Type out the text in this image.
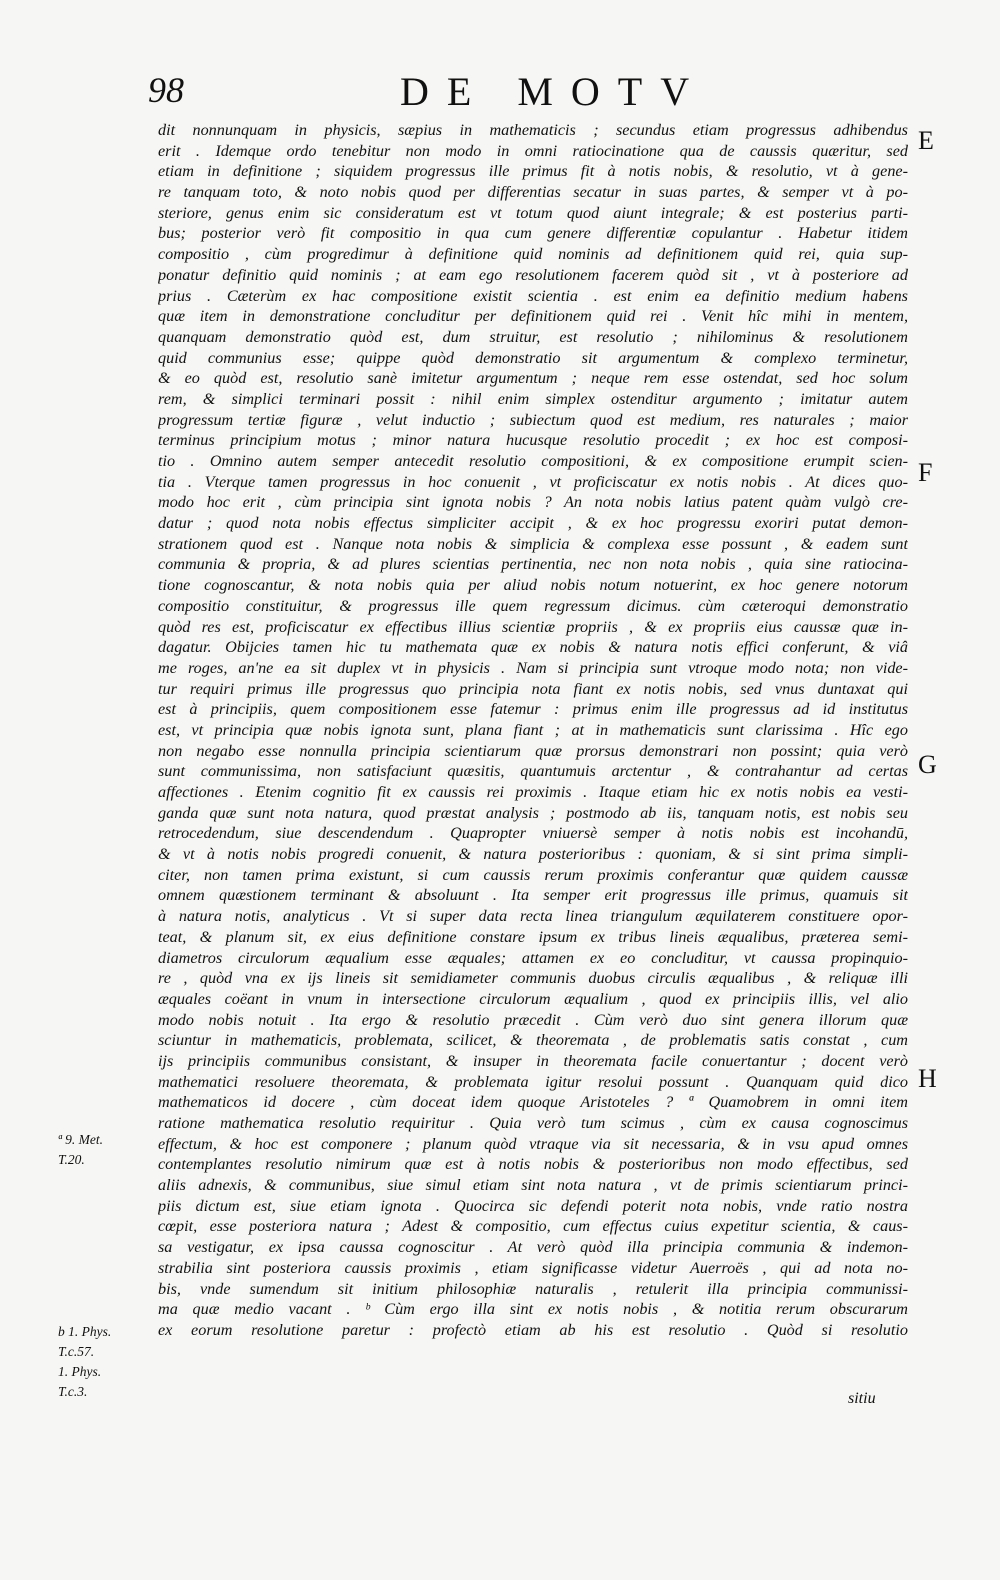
98	DE MOTV
E
F
G
H
ª 9. Met.
T.20.
b 1. Phys.
T.c.57.
1. Phys.
T.c.3.
dit nonnunquam in physicis, sæpius in mathematicis ; secundus etiam progressus adhibendus
erit . Idemque ordo tenebitur non modo in omni ratiocinatione qua de caussis quæritur, sed
etiam in definitione ; siquidem progressus ille primus fit à notis nobis, & resolutio, vt à gene-
re tanquam toto, & noto nobis quod per differentias secatur in suas partes, & semper vt à po-
steriore, genus enim sic consideratum est vt totum quod aiunt integrale; & est posterius parti-
bus; posterior verò fit compositio in qua cum genere differentiæ copulantur . Habetur itidem
compositio , cùm progredimur à definitione quid nominis ad definitionem quid rei, quia sup-
ponatur definitio quid nominis ; at eam ego resolutionem facerem quòd sit , vt à posteriore ad
prius . Cæterùm ex hac compositione existit scientia . est enim ea definitio medium habens
quæ item in demonstratione concluditur per definitionem quid rei . Venit hîc mihi in mentem,
quanquam demonstratio quòd est, dum struitur, est resolutio ; nihilominus & resolutionem
quid communius esse; quippe quòd demonstratio sit argumentum & complexo terminetur,
& eo quòd est, resolutio sanè imitetur argumentum ; neque rem esse ostendat, sed hoc solum
rem, & simplici terminari possit : nihil enim simplex ostenditur argumento ; imitatur autem
progressum tertiæ figuræ , velut inductio ; subiectum quod est medium, res naturales ; maior
terminus principium motus ; minor natura hucusque resolutio procedit ; ex hoc est composi-
tio . Omnino autem semper antecedit resolutio compositioni, & ex compositione erumpit scien-
tia . Vterque tamen progressus in hoc conuenit , vt proficiscatur ex notis nobis . At dices quo-
modo hoc erit , cùm principia sint ignota nobis ? An nota nobis latius patent quàm vulgò cre-
datur ; quod nota nobis effectus simpliciter accipit , & ex hoc progressu exoriri putat demon-
strationem quod est . Nanque nota nobis & simplicia & complexa esse possunt , & eadem sunt
communia & propria, & ad plures scientias pertinentia, nec non nota nobis , quia sine ratiocina-
tione cognoscantur, & nota nobis quia per aliud nobis notum notuerint, ex hoc genere notorum
compositio constituitur, & progressus ille quem regressum dicimus. cùm cæteroqui demonstratio
quòd res est, proficiscatur ex effectibus illius scientiæ propriis , & ex propriis eius caussæ quæ in-
dagatur. Obijcies tamen hic tu mathemata quæ ex nobis & natura notis effici conferunt, & viâ
me roges, an'ne ea sit duplex vt in physicis . Nam si principia sunt vtroque modo nota; non vide-
tur requiri primus ille progressus quo principia nota fiant ex notis nobis, sed vnus duntaxat qui
est à principiis, quem compositionem esse fatemur : primus enim ille progressus ad id institutus
est, vt principia quæ nobis ignota sunt, plana fiant ; at in mathematicis sunt clarissima . Hîc ego
non negabo esse nonnulla principia scientiarum quæ prorsus demonstrari non possint; quia verò
sunt communissima, non satisfaciunt quæsitis, quantumuis arctentur , & contrahantur ad certas
affectiones . Etenim cognitio fit ex caussis rei proximis . Itaque etiam hic ex notis nobis ea vesti-
ganda quæ sunt nota natura, quod præstat analysis ; postmodo ab iis, tanquam notis, est nobis seu
retrocedendum, siue descendendum . Quapropter vniuersè semper à notis nobis est incohandū,
& vt à notis nobis progredi conuenit, & natura posterioribus : quoniam, & si sint prima simpli-
citer, non tamen prima existunt, si cum caussis rerum proximis conferantur quæ quidem caussæ
omnem quæstionem terminant & absoluunt . Ita semper erit progressus ille primus, quamuis sit
à natura notis, analyticus . Vt si super data recta linea triangulum æquilaterem constituere opor-
teat, & planum sit, ex eius definitione constare ipsum ex tribus lineis æqualibus, præterea semi-
diametros circulorum æqualium esse æquales; attamen ex eo concluditur, vt caussa propinquio-
re , quòd vna ex ijs lineis sit semidiameter communis duobus circulis æqualibus , & reliquæ illi
æquales coëant in vnum in intersectione circulorum æqualium , quod ex principiis illis, vel alio
modo nobis notuit . Ita ergo & resolutio præcedit . Cùm verò duo sint genera illorum quæ
sciuntur in mathematicis, problemata, scilicet, & theoremata , de problematis satis constat , cum
ijs principiis communibus consistant, & insuper in theoremata facile conuertantur ; docent verò
mathematici resoluere theoremata, & problemata igitur resolui possunt . Quanquam quid dico
mathematicos id docere , cùm doceat idem quoque Aristoteles ? ª Quamobrem in omni item
ratione mathematica resolutio requiritur . Quia verò tum scimus , cùm ex causa cognoscimus
effectum, & hoc est componere ; planum quòd vtraque via sit necessaria, & in vsu apud omnes
contemplantes resolutio nimirum quæ est à notis nobis & posterioribus non modo effectibus, sed
aliis adnexis, & communibus, siue simul etiam sint nota natura , vt de primis scientiarum princi-
piis dictum est, siue etiam ignota . Quocirca sic defendi poterit nota nobis, vnde ratio nostra
cœpit, esse posteriora natura ; Adest & compositio, cum effectus cuius expetitur scientia, & caus-
sa vestigatur, ex ipsa caussa cognoscitur . At verò quòd illa principia communia & indemon-
strabilia sint posteriora caussis proximis , etiam significasse videtur Auerroës , qui ad nota no-
bis, vnde sumendum sit initium philosophiæ naturalis , retulerit illa principia communissi-
ma quæ medio vacant . ᵇ Cùm ergo illa sint ex notis nobis , & notitia rerum obscurarum
ex eorum resolutione paretur : profectò etiam ab his est resolutio . Quòd si resolutio
sitiu
